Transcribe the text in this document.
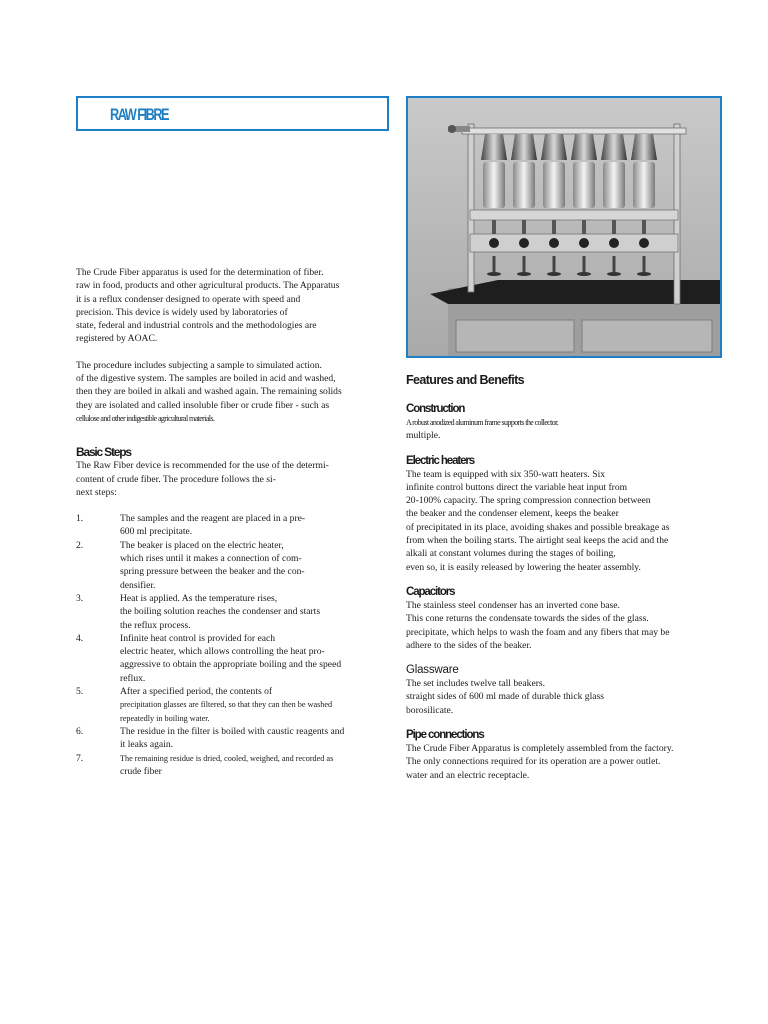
RAW FIBRE

The Crude Fiber apparatus is used for the determination of fiber.
raw in food, products and other agricultural products. The Apparatus
it is a reflux condenser designed to operate with speed and
precision. This device is widely used by laboratories of
state, federal and industrial controls and the methodologies are
registered by AOAC.

The procedure includes subjecting a sample to simulated action.
of the digestive system. The samples are boiled in acid and washed,
then they are boiled in alkali and washed again. The remaining solids
they are isolated and called insoluble fiber or crude fiber - such as
cellulose and other indigestible agricultural materials.

Basic Steps

The Raw Fiber device is recommended for the use of the determi-
content of crude fiber. The procedure follows the si-
next steps:

1.	The samples and the reagent are placed in a pre-
600 ml precipitate.
2.	The beaker is placed on the electric heater,
which rises until it makes a connection of com-
spring pressure between the beaker and the con-
densifier.
3.	Heat is applied. As the temperature rises,
the boiling solution reaches the condenser and starts
the reflux process.
4.	Infinite heat control is provided for each
electric heater, which allows controlling the heat pro-
aggressive to obtain the appropriate boiling and the speed
reflux.
5.	After a specified period, the contents of
precipitation glasses are filtered, so that they can then be washed
repeatedly in boiling water.
6.	The residue in the filter is boiled with caustic reagents and
it leaks again.
7.	The remaining residue is dried, cooled, weighed, and recorded as
crude fiber
Features and Benefits
Construction

A robust anodized aluminum frame supports the collector.
multiple.

Electric heaters

The team is equipped with six 350-watt heaters. Six
infinite control buttons direct the variable heat input from
20-100% capacity. The spring compression connection between
the beaker and the condenser element, keeps the beaker
of precipitated in its place, avoiding shakes and possible breakage as
from when the boiling starts. The airtight seal keeps the acid and the
alkali at constant volumes during the stages of boiling,
even so, it is easily released by lowering the heater assembly.

Capacitors

The stainless steel condenser has an inverted cone base.
This cone returns the condensate towards the sides of the glass.
precipitate, which helps to wash the foam and any fibers that may be
adhere to the sides of the beaker.

Glassware

The set includes twelve tall beakers.
straight sides of 600 ml made of durable thick glass
borosilicate.

Pipe connections

The Crude Fiber Apparatus is completely assembled from the factory.
The only connections required for its operation are a power outlet.
water and an electric receptacle.
